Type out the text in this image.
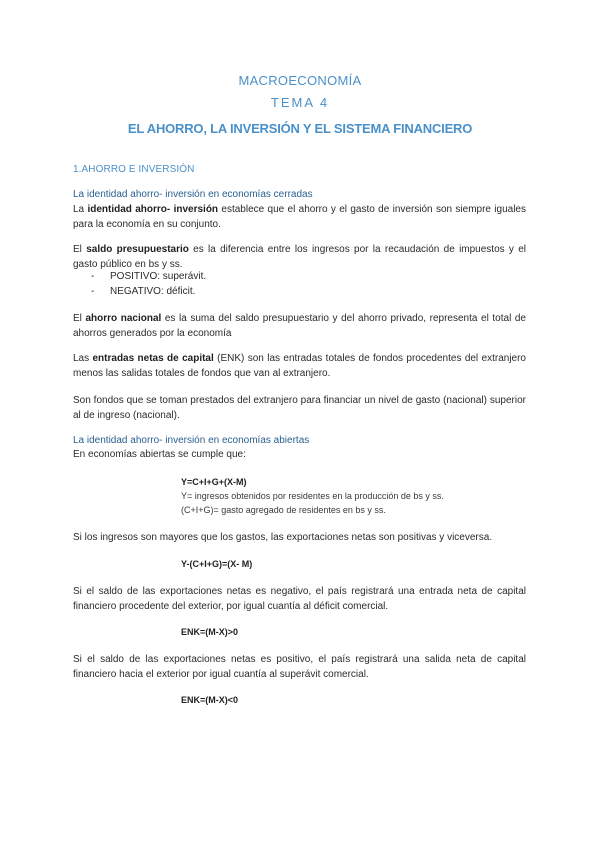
MACROECONOMÍA
TEMA 4
EL AHORRO, LA INVERSIÓN Y EL SISTEMA FINANCIERO
1.AHORRO E INVERSIÓN
La identidad ahorro- inversión en economías cerradas
La identidad ahorro- inversión establece que el ahorro y el gasto de inversión son siempre iguales para la economía en su conjunto.
El saldo presupuestario es la diferencia entre los ingresos por la recaudación de impuestos y el gasto público en bs y ss.
- POSITIVO: superávit.
- NEGATIVO: déficit.
El ahorro nacional es la suma del saldo presupuestario y del ahorro privado, representa el total de ahorros generados por la economía
Las entradas netas de capital (ENK) son las entradas totales de fondos procedentes del extranjero menos las salidas totales de fondos que van al extranjero.
Son fondos que se toman prestados del extranjero para financiar un nivel de gasto (nacional) superior al de ingreso (nacional).
La identidad ahorro- inversión en economías abiertas
En economías abiertas se cumple que:
Y=C+I+G+(X-M)
Y= ingresos obtenidos por residentes en la producción de bs y ss.
(C+I+G)= gasto agregado de residentes en bs y ss.
Si los ingresos son mayores que los gastos, las exportaciones netas son positivas y viceversa.
Y-(C+I+G)=(X- M)
Si el saldo de las exportaciones netas es negativo, el país registrará una entrada neta de capital financiero procedente del exterior, por igual cuantía al déficit comercial.
ENK=(M-X)>0
Si el saldo de las exportaciones netas es positivo, el país registrará una salida neta de capital financiero hacia el exterior por igual cuantía al superávit comercial.
ENK=(M-X)<0
